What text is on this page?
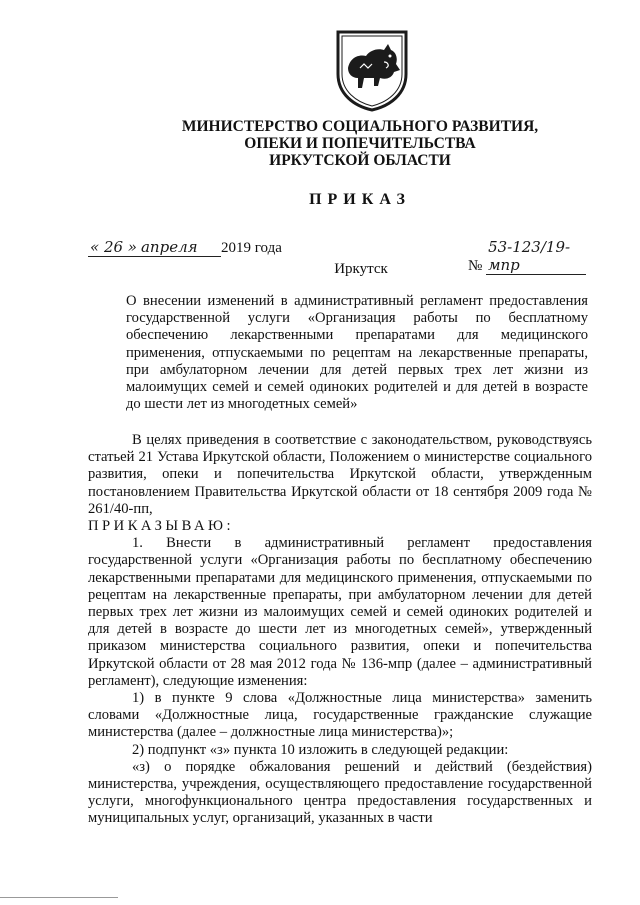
МИНИСТЕРСТВО СОЦИАЛЬНОГО РАЗВИТИЯ,
ОПЕКИ И ПОПЕЧИТЕЛЬСТВА
ИРКУТСКОЙ ОБЛАСТИ
ПРИКАЗ
« 26 » апреля 2019 года
№ 53-123/19-мпр
Иркутск
О внесении изменений в административный регламент предоставления государственной услуги «Организация работы по бесплатному обеспечению лекарственными препаратами для медицинского применения, отпускаемыми по рецептам на лекарственные препараты, при амбулаторном лечении для детей первых трех лет жизни из малоимущих семей и семей одиноких родителей и для детей в возрасте до шести лет из многодетных семей»

В целях приведения в соответствие с законодательством, руководствуясь статьей 21 Устава Иркутской области, Положением о министерстве социального развития, опеки и попечительства Иркутской области, утвержденным постановлением Правительства Иркутской области от 18 сентября 2009 года № 261/40-пп,

ПРИКАЗЫВАЮ:

1. Внести в административный регламент предоставления государственной услуги «Организация работы по бесплатному обеспечению лекарственными препаратами для медицинского применения, отпускаемыми по рецептам на лекарственные препараты, при амбулаторном лечении для детей первых трех лет жизни из малоимущих семей и семей одиноких родителей и для детей в возрасте до шести лет из многодетных семей», утвержденный приказом министерства социального развития, опеки и попечительства Иркутской области от 28 мая 2012 года № 136-мпр (далее – административный регламент), следующие изменения:

1) в пункте 9 слова «Должностные лица министерства» заменить словами «Должностные лица, государственные гражданские служащие министерства (далее – должностные лица министерства)»;

2) подпункт «з» пункта 10 изложить в следующей редакции:

«з) о порядке обжалования решений и действий (бездействия) министерства, учреждения, осуществляющего предоставление государственной услуги, многофункционального центра предоставления государственных и муниципальных услуг, организаций, указанных в части
